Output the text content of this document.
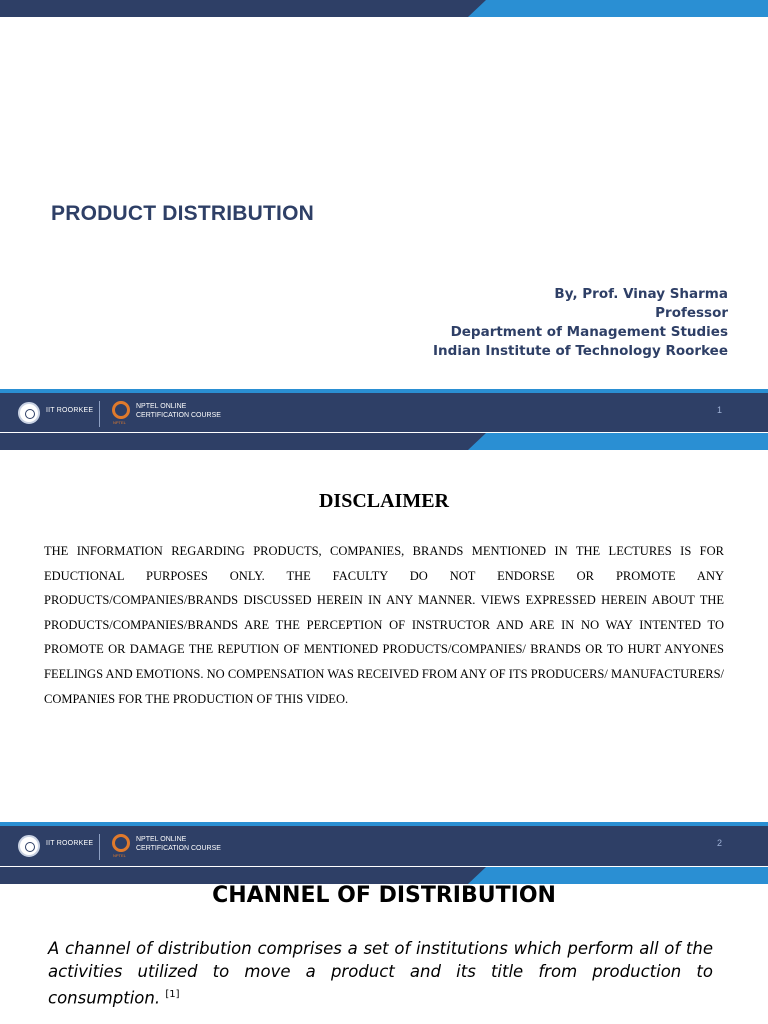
PRODUCT DISTRIBUTION
By, Prof. Vinay Sharma
Professor
Department of Management Studies
Indian Institute of Technology Roorkee
IIT ROORKEE
NPTEL
NPTEL ONLINE
CERTIFICATION COURSE
1
DISCLAIMER
THE INFORMATION REGARDING PRODUCTS, COMPANIES, BRANDS MENTIONED IN THE LECTURES IS FOR EDUCTIONAL PURPOSES ONLY. THE FACULTY DO NOT ENDORSE OR PROMOTE ANY PRODUCTS/COMPANIES/BRANDS DISCUSSED HEREIN IN ANY MANNER. VIEWS EXPRESSED HEREIN ABOUT THE PRODUCTS/COMPANIES/BRANDS ARE THE PERCEPTION OF INSTRUCTOR AND ARE IN NO WAY INTENTED TO PROMOTE OR DAMAGE THE REPUTION OF MENTIONED PRODUCTS/COMPANIES/ BRANDS OR TO HURT ANYONES FEELINGS AND EMOTIONS. NO COMPENSATION WAS RECEIVED FROM ANY OF ITS PRODUCERS/ MANUFACTURERS/ COMPANIES FOR THE PRODUCTION OF THIS VIDEO.
IIT ROORKEE
NPTEL
NPTEL ONLINE
CERTIFICATION COURSE
2
CHANNEL OF DISTRIBUTION
A channel of distribution comprises a set of institutions which perform all of the activities utilized to move a product and its title from production to consumption. [1]
